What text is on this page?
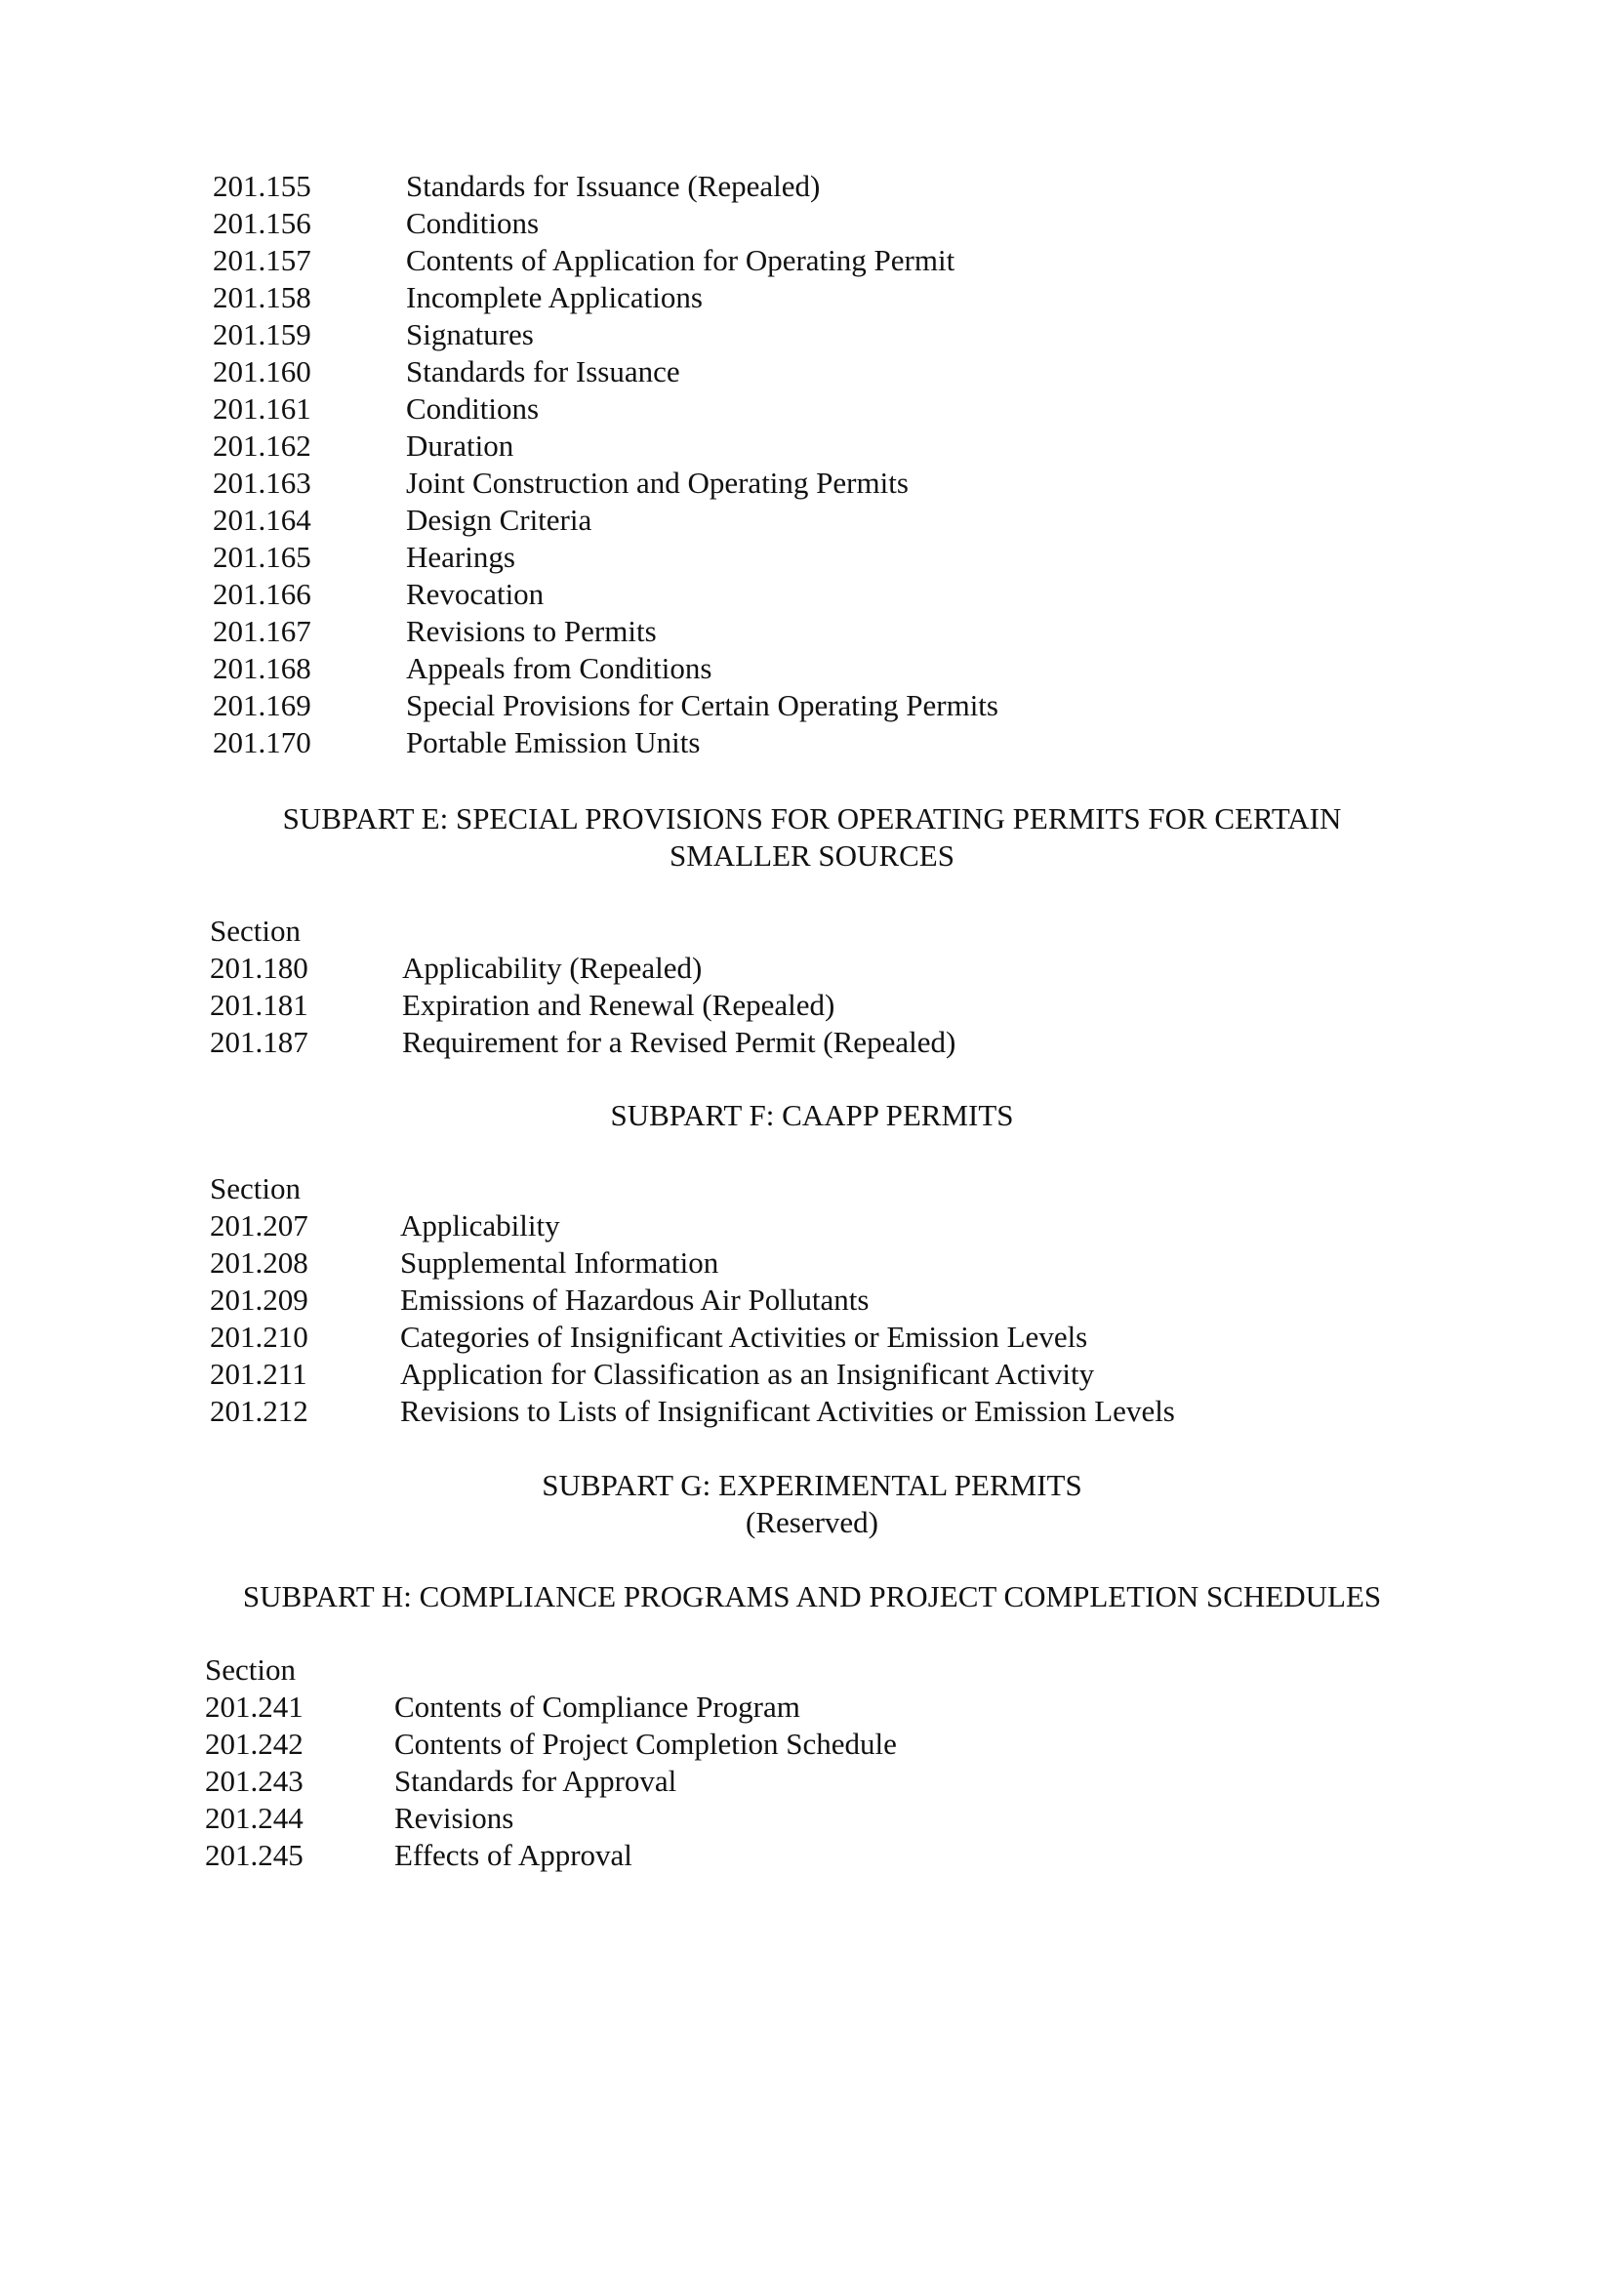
201.155	Standards for Issuance (Repealed)
201.156	Conditions
201.157	Contents of Application for Operating Permit
201.158	Incomplete Applications
201.159	Signatures
201.160	Standards for Issuance
201.161	Conditions
201.162	Duration
201.163	Joint Construction and Operating Permits
201.164	Design Criteria
201.165	Hearings
201.166	Revocation
201.167	Revisions to Permits
201.168	Appeals from Conditions
201.169	Special Provisions for Certain Operating Permits
201.170	Portable Emission Units
SUBPART E: SPECIAL PROVISIONS FOR OPERATING PERMITS FOR CERTAIN
SMALLER SOURCES
Section
201.180	Applicability (Repealed)
201.181	Expiration and Renewal (Repealed)
201.187	Requirement for a Revised Permit (Repealed)
SUBPART F: CAAPP PERMITS
Section
201.207	Applicability
201.208	Supplemental Information
201.209	Emissions of Hazardous Air Pollutants
201.210	Categories of Insignificant Activities or Emission Levels
201.211	Application for Classification as an Insignificant Activity
201.212	Revisions to Lists of Insignificant Activities or Emission Levels
SUBPART G: EXPERIMENTAL PERMITS
(Reserved)
SUBPART H: COMPLIANCE PROGRAMS AND PROJECT COMPLETION SCHEDULES
Section
201.241	Contents of Compliance Program
201.242	Contents of Project Completion Schedule
201.243	Standards for Approval
201.244	Revisions
201.245	Effects of Approval
